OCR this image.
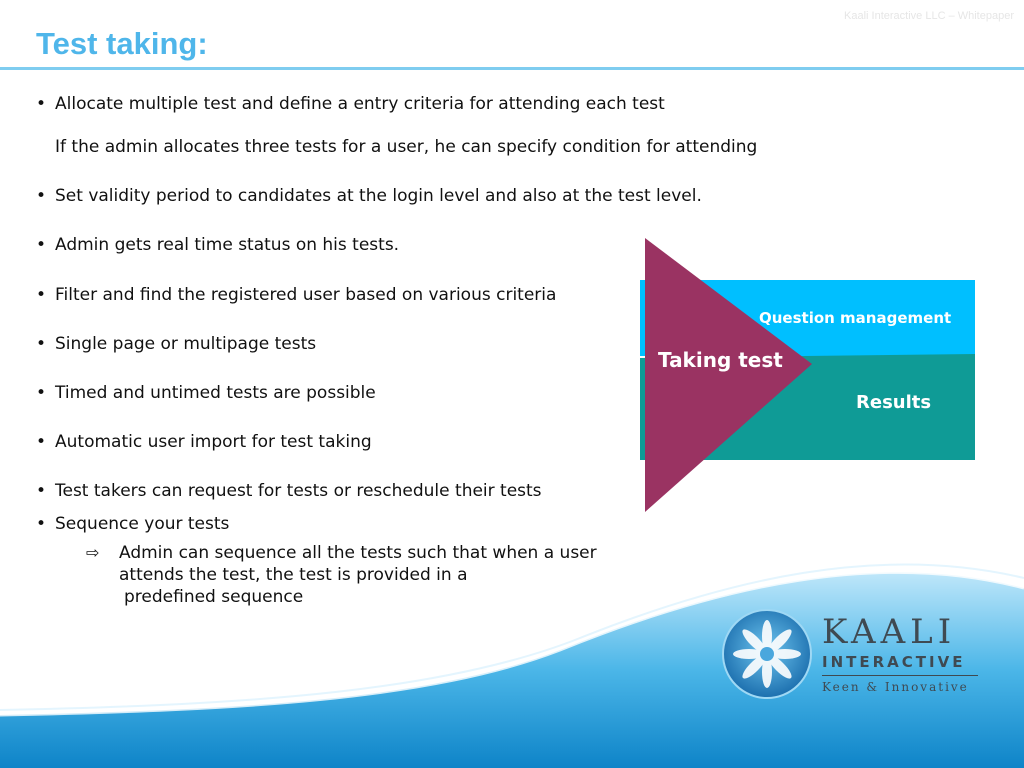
Kaali Interactive LLC – Whitepaper
Test taking:
• Allocate multiple test and define a entry criteria for attending each test
If the admin allocates three tests for a user, he can specify condition for attending
• Set validity period to candidates at the login level and also at the test level.
• Admin gets real time status on his tests.
• Filter and find the registered user based on various criteria
• Single page or multipage tests
• Timed and untimed tests are possible
• Automatic user import for test taking
• Test takers can request for tests or reschedule their tests
• Sequence your tests
⇨ Admin can sequence all the tests such that when a user
attends the test, the test is provided in a
predefined sequence
Question management
Taking test
Results
KAALI
INTERACTIVE
Keen & Innovative
